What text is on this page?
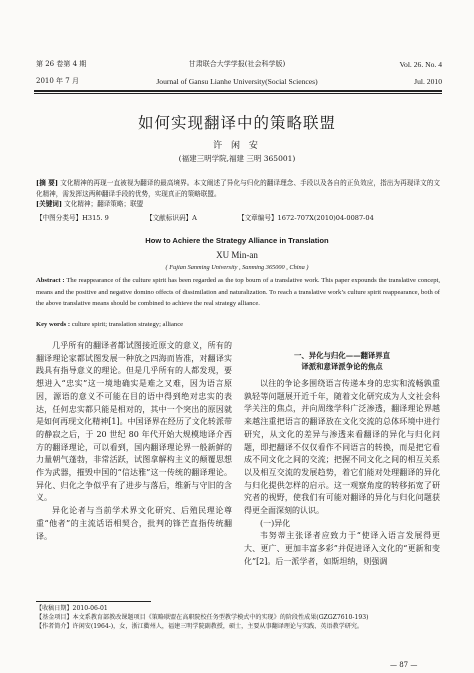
第 26 卷第 4 期
2010 年 7 月
甘肃联合大学学报(社会科学版)
Journal of Gansu Lianhe University(Social Sciences)
Vol. 26. No. 4
Jul. 2010
如何实现翻译中的策略联盟
许 闲 安
(福建三明学院,福建 三明 365001)
[摘 要] 文化精神的再现一直被视为翻译的最高境界。本文阐述了异化与归化的翻译理念、手段以及各自的正负效应，指出为再现译文的文化精神，需发挥这两种翻译手段的优势，实现真正的策略联盟。
[关键词] 文化精神；翻译策略；联盟
【中图分类号】H315. 9	【文献标识码】A	【文章编号】1672-707X(2010)04-0087-04
How to Achiere the Strategy Alliance in Translation
XU Min-an
( Fujian Sanming University , Sanming 365000 , China )
Abstract : The reappearance of the culture spirit has been regarded as the top bourn of a translative work. This paper expounds the translative concept, means and the positive and negative domino offects of dissimilation and naturalization. To reach a translative work’s culture spirit reappearance, both of the above translative means should be combined to achieve the real strategy alliance.
Key words : culture spirit; translation strategy; alliance

几乎所有的翻译者都试图接近原文的意义，所有的翻译理论家都试图发展一种放之四海而皆准，对翻译实践具有指导意义的理论。但是几乎所有的人都发现，要想进入“忠实”这一境地确实是难之又难，因为语言原因，源语的意义不可能在目的语中得到绝对忠实的表达，任何忠实都只能是相对的，其中一个突出的原因就是如何再现文化精神[1]。中国译界在经历了文化转派带的静寂之后，于 20 世纪 80 年代开始大规模地译介西方的翻译理论，可以看到，国内翻译理论界一般新鲜的力量朝气蓬勃，非常活跃，试图拿解构主义的颠覆思想作为武器，摧毁中国的“信达雅”这一传统的翻译理论。异化、归化之争似乎有了进步与落后，维新与守旧的含义。

异化论者与当前学术界文化研究、后殖民理论尊重“他者”的主流话语相契合，批判的锋芒直指传统翻译。

一、异化与归化——翻译界直
译派和意译派争论的焦点

以往的争论多围绕语言传递本身的忠实和流畅孰重孰轻等问题展开近千年，随着文化研究成为人文社会科学关注的焦点，并向周缘学科广泛渗透，翻译理论界越来越注重把语言的翻译放在文化交流的总体环境中进行研究，从文化的差异与渗透来看翻译的异化与归化问题，即把翻译不仅仅看作不同语言的转换，而是把它看成不同文化之间的交流；把握不同文化之间的相互关系以及相互交流的发展趋势，着它们能对处理翻译的异化与归化提供怎样的启示。这一观察角度的转移拓宽了研究者的视野，使我们有可能对翻译的异化与归化问题获得更全面深刻的认识。

(一)异化

韦努蒂主张译者应致力于“使译入语言发展得更大、更广、更加丰富多彩”并促进译入文化的“更新和变化”[2]。后一派学者，如斯坦纳，则强调

【收稿日期】2010-06-01
【基金项目】本文系教育部教改课题项目《策略联盟在高职院校任务型教学模式中的实现》的阶段性成果(GZGZ7610-193)
【作者简介】许闲安(1964-)，女，浙江衢州人，福建三明学院副教授，硕士，主要从事翻译理论与实践、英语教学研究。
— 87 —
